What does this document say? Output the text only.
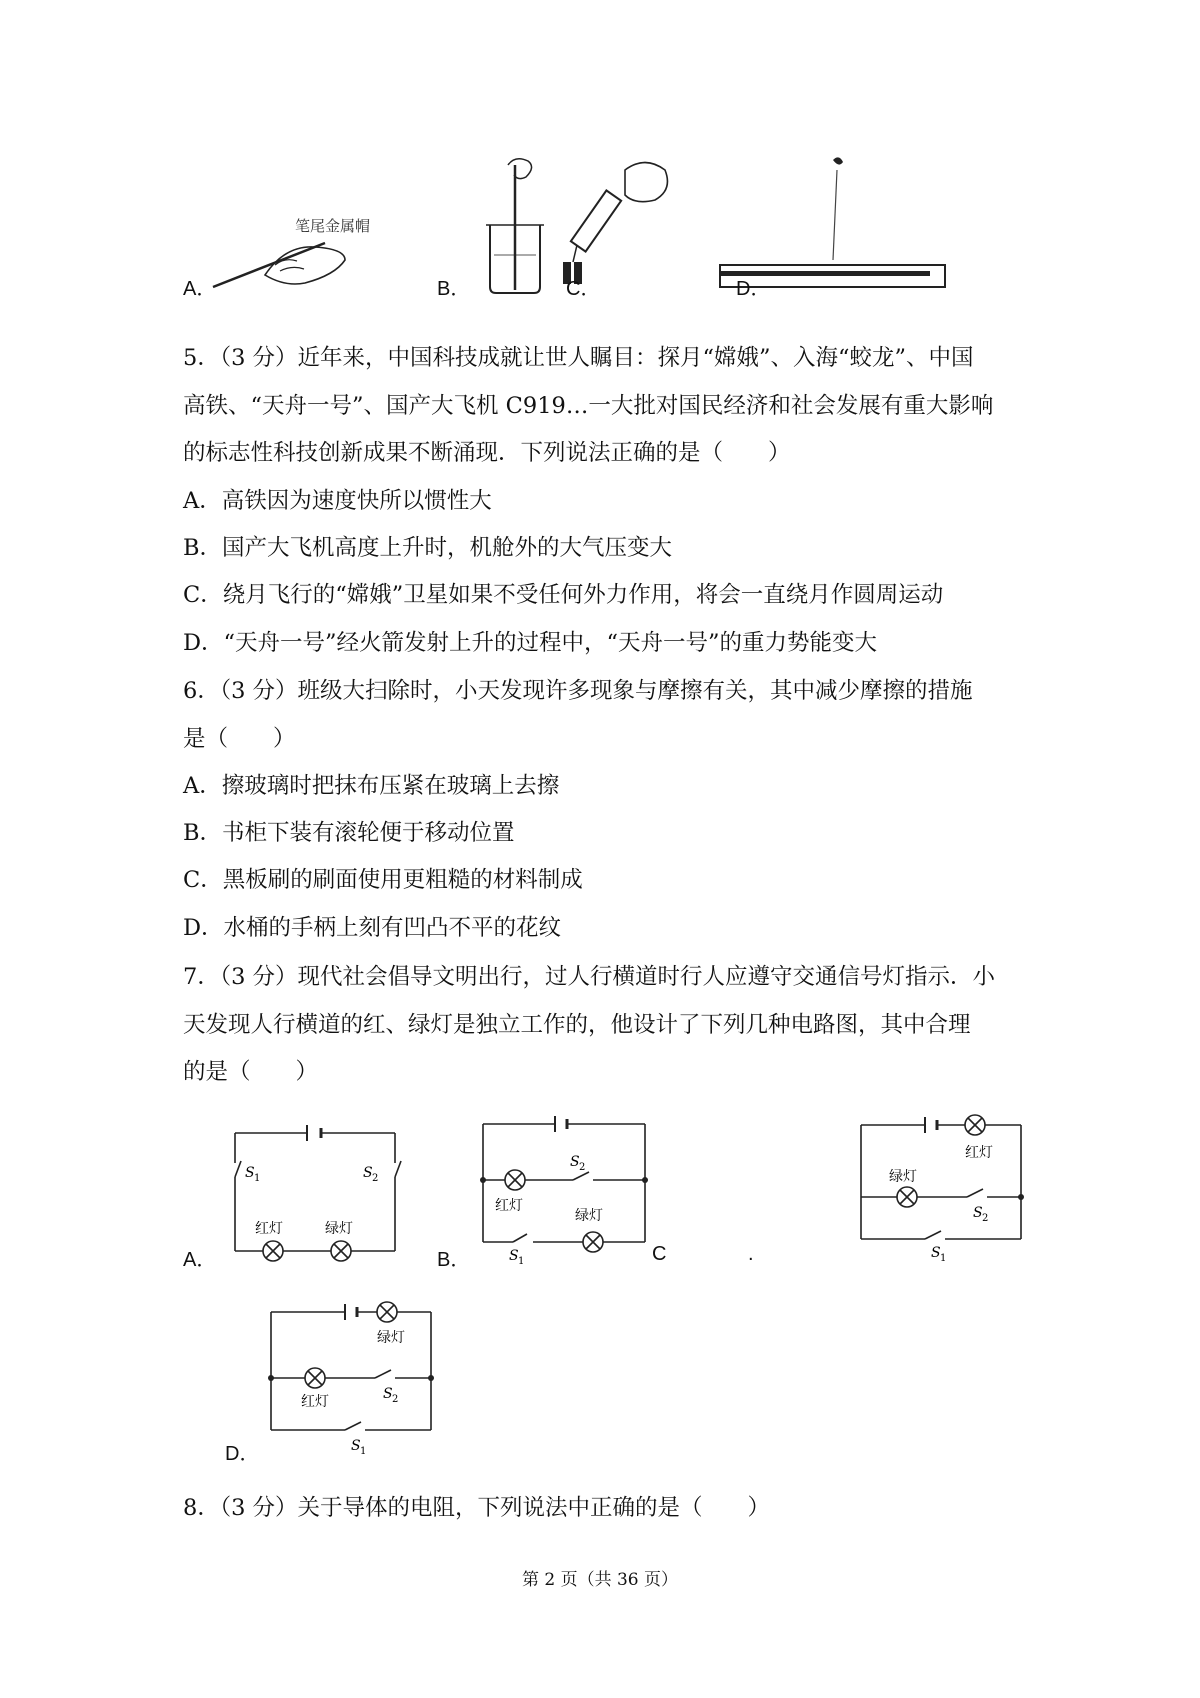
笔尾金属帽
A．	B．	C．	D．
5．（3 分）近年来，中国科技成就让世人瞩目：探月“嫦娥”、入海“蛟龙”、中国
高铁、“天舟一号”、国产大飞机 C919…一大批对国民经济和社会发展有重大影响
的标志性科技创新成果不断涌现．下列说法正确的是（　　）
A．高铁因为速度快所以惯性大
B．国产大飞机高度上升时，机舱外的大气压变大
C．绕月飞行的“嫦娥”卫星如果不受任何外力作用，将会一直绕月作圆周运动
D．“天舟一号”经火箭发射上升的过程中，“天舟一号”的重力势能变大
6．（3 分）班级大扫除时，小天发现许多现象与摩擦有关，其中减少摩擦的措施
是（　　）
A．擦玻璃时把抹布压紧在玻璃上去擦
B．书柜下装有滚轮便于移动位置
C．黑板刷的刷面使用更粗糙的材料制成
D．水桶的手柄上刻有凹凸不平的花纹
7．（3 分）现代社会倡导文明出行，过人行横道时行人应遵守交通信号灯指示．小
天发现人行横道的红、绿灯是独立工作的，他设计了下列几种电路图，其中合理
的是（　　）
S 1	S 2
红灯	绿灯
S 2
红灯
绿灯
S 1
红灯
绿灯
S 2
S 1
A．	B．	C	.
绿灯
红灯	S 2
S 1
D．
8．（3 分）关于导体的电阻，下列说法中正确的是（　　）
第 2 页（共 36 页）
